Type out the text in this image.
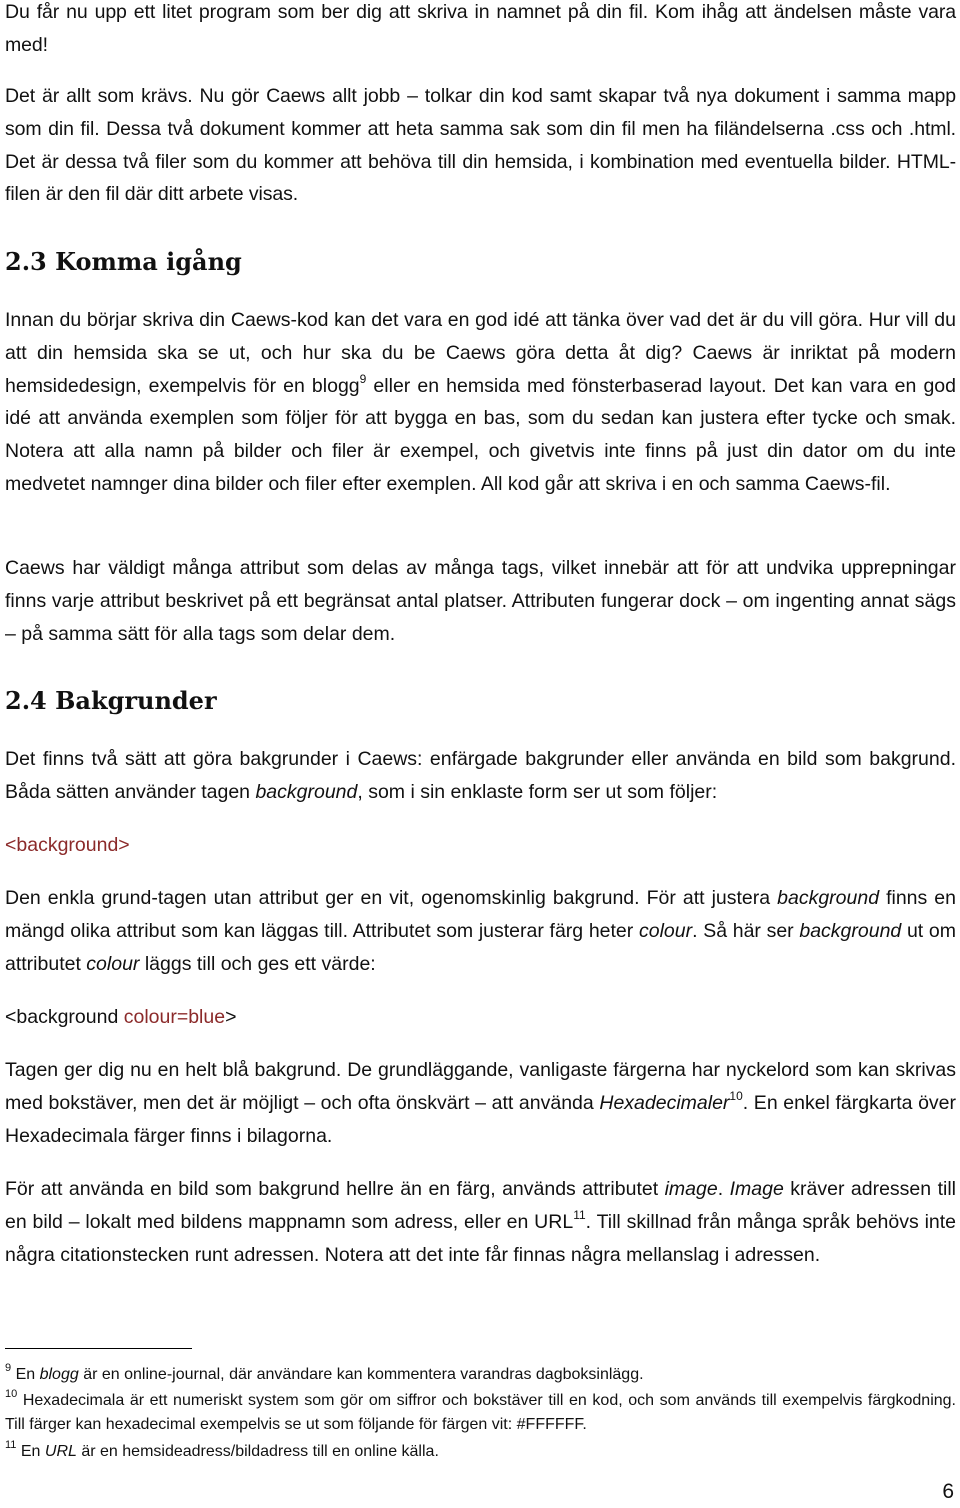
Du får nu upp ett litet program som ber dig att skriva in namnet på din fil. Kom ihåg att ändelsen måste vara med!

Det är allt som krävs. Nu gör Caews allt jobb – tolkar din kod samt skapar två nya dokument i samma mapp som din fil. Dessa två dokument kommer att heta samma sak som din fil men ha filändelserna .css och .html. Det är dessa två filer som du kommer att behöva till din hemsida, i kombination med eventuella bilder. HTML-filen är den fil där ditt arbete visas.

2.3 Komma igång

Innan du börjar skriva din Caews-kod kan det vara en god idé att tänka över vad det är du vill göra. Hur vill du att din hemsida ska se ut, och hur ska du be Caews göra detta åt dig? Caews är inriktat på modern hemsidedesign, exempelvis för en blogg$^9$ eller en hemsida med fönsterbaserad layout. Det kan vara en god idé att använda exemplen som följer för att bygga en bas, som du sedan kan justera efter tycke och smak. Notera att alla namn på bilder och filer är exempel, och givetvis inte finns på just din dator om du inte medvetet namnger dina bilder och filer efter exemplen. All kod går att skriva i en och samma Caews-fil.

Caews har väldigt många attribut som delas av många tags, vilket innebär att för att undvika upprepningar finns varje attribut beskrivet på ett begränsat antal platser. Attributen fungerar dock – om ingenting annat sägs – på samma sätt för alla tags som delar dem.

2.4 Bakgrunder

Det finns två sätt att göra bakgrunder i Caews: enfärgade bakgrunder eller använda en bild som bakgrund. Båda sätten använder tagen background, som i sin enklaste form ser ut som följer:

<background>

Den enkla grund-tagen utan attribut ger en vit, ogenomskinlig bakgrund. För att justera background finns en mängd olika attribut som kan läggas till. Attributet som justerar färg heter colour. Så här ser background ut om attributet colour läggs till och ges ett värde:

<background colour=blue>

Tagen ger dig nu en helt blå bakgrund. De grundläggande, vanligaste färgerna har nyckelord som kan skrivas med bokstäver, men det är möjligt – och ofta önskvärt – att använda Hexadecimaler$^{10}$. En enkel färgkarta över Hexadecimala färger finns i bilagorna.

För att använda en bild som bakgrund hellre än en färg, används attributet image. Image kräver adressen till en bild – lokalt med bildens mappnamn som adress, eller en URL$^{11}$. Till skillnad från många språk behövs inte några citationstecken runt adressen. Notera att det inte får finnas några mellanslag i adressen.

$^9$ En blogg är en online-journal, där användare kan kommentera varandras dagboksinlägg.

$^{10}$ Hexadecimala är ett numeriskt system som gör om siffror och bokstäver till en kod, och som används till exempelvis färgkodning. Till färger kan hexadecimal exempelvis se ut som följande för färgen vit: #FFFFFF.

$^{11}$ En URL är en hemsideadress/bildadress till en online källa.

6
